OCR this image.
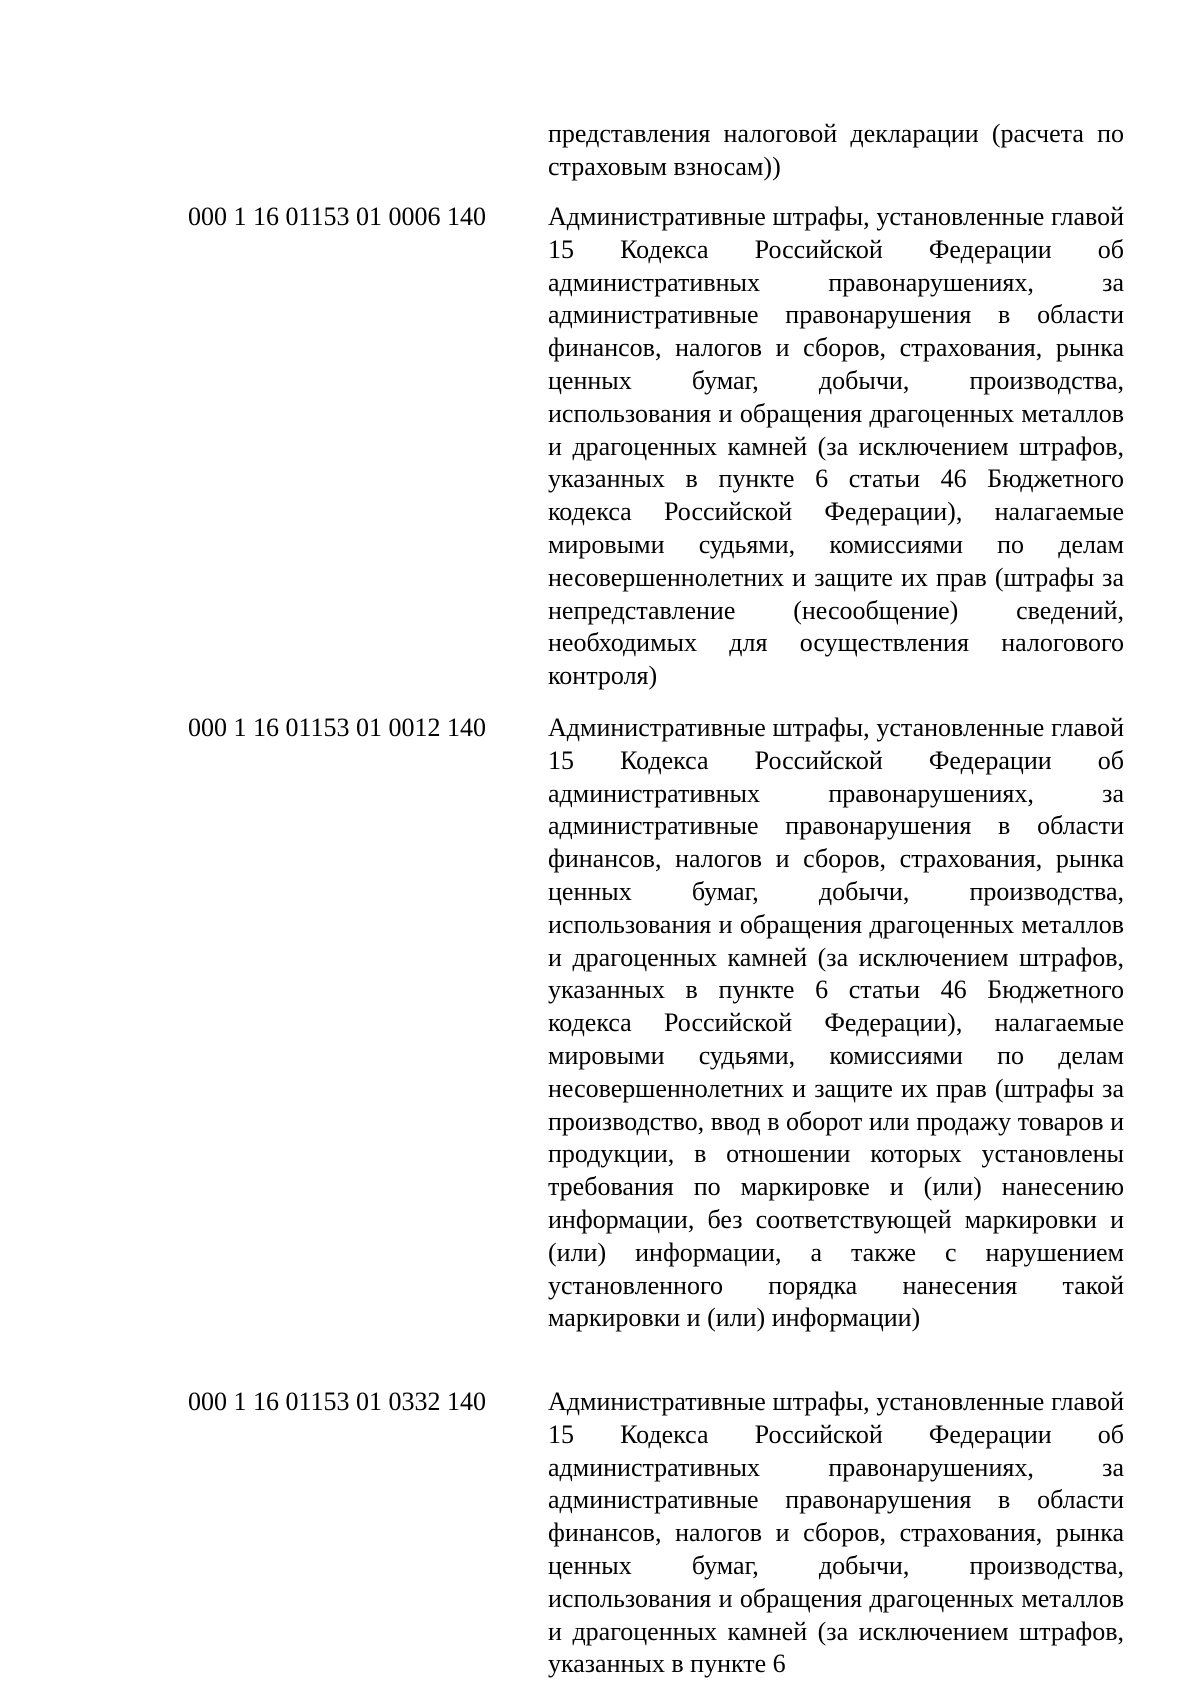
представления налоговой декларации (расчета по страховым взносам))
000 1 16 01153 01 0006 140 Административные штрафы, установленные главой 15 Кодекса Российской Федерации об административных правонарушениях, за административные правонарушения в области финансов, налогов и сборов, страхования, рынка ценных бумаг, добычи, производства, использования и обращения драгоценных металлов и драгоценных камней (за исключением штрафов, указанных в пункте 6 статьи 46 Бюджетного кодекса Российской Федерации), налагаемые мировыми судьями, комиссиями по делам несовершеннолетних и защите их прав (штрафы за непредставление (несообщение) сведений, необходимых для осуществления налогового контроля)
000 1 16 01153 01 0012 140 Административные штрафы, установленные главой 15 Кодекса Российской Федерации об административных правонарушениях, за административные правонарушения в области финансов, налогов и сборов, страхования, рынка ценных бумаг, добычи, производства, использования и обращения драгоценных металлов и драгоценных камней (за исключением штрафов, указанных в пункте 6 статьи 46 Бюджетного кодекса Российской Федерации), налагаемые мировыми судьями, комиссиями по делам несовершеннолетних и защите их прав (штрафы за производство, ввод в оборот или продажу товаров и продукции, в отношении которых установлены требования по маркировке и (или) нанесению информации, без соответствующей маркировки и (или) информации, а также с нарушением установленного порядка нанесения такой маркировки и (или) информации)
000 1 16 01153 01 0332 140 Административные штрафы, установленные главой 15 Кодекса Российской Федерации об административных правонарушениях, за административные правонарушения в области финансов, налогов и сборов, страхования, рынка ценных бумаг, добычи, производства, использования и обращения драгоценных металлов и драгоценных камней (за исключением штрафов, указанных в пункте 6
